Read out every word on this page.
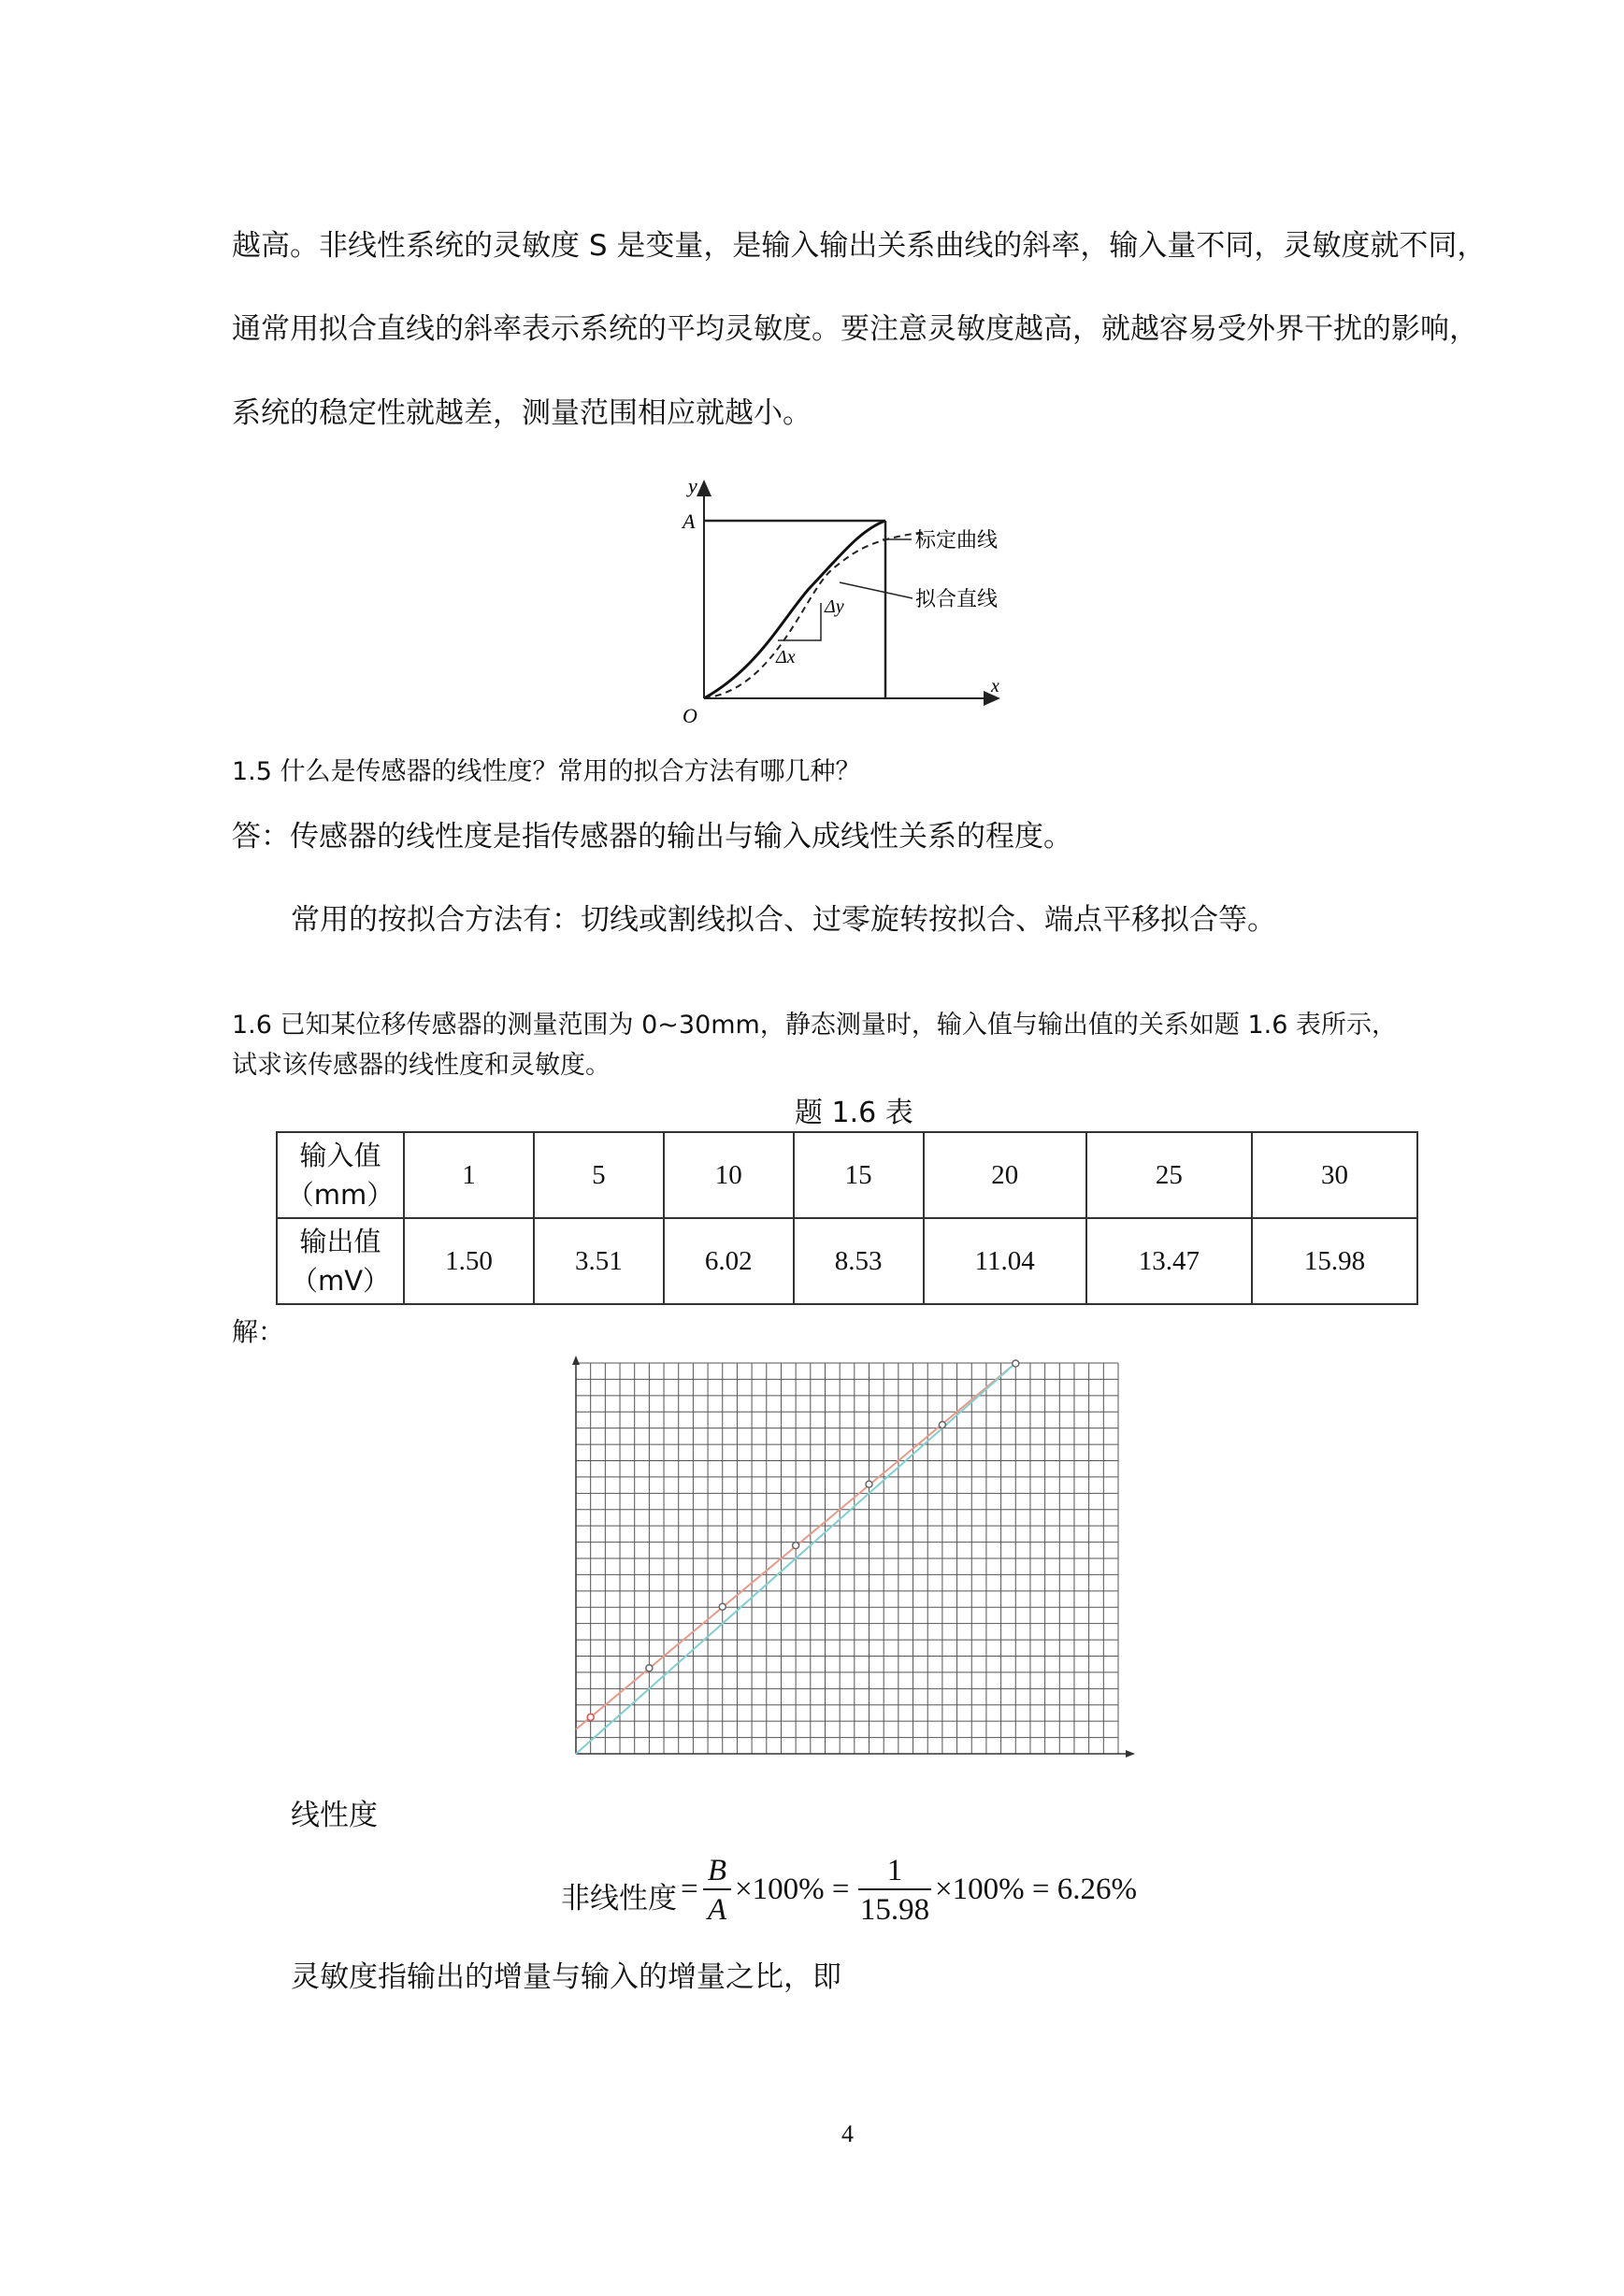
越高。非线性系统的灵敏度 S 是变量，是输入输出关系曲线的斜率，输入量不同，灵敏度就不同，
通常用拟合直线的斜率表示系统的平均灵敏度。要注意灵敏度越高，就越容易受外界干扰的影响，
系统的稳定性就越差，测量范围相应就越小。
y
x
A
O
标定曲线
拟合直线
Δy
Δx
1.5 什么是传感器的线性度？常用的拟合方法有哪几种？
答：传感器的线性度是指传感器的输出与输入成线性关系的程度。
常用的按拟合方法有：切线或割线拟合、过零旋转按拟合、端点平移拟合等。
1.6 已知某位移传感器的测量范围为 0~30mm，静态测量时，输入值与输出值的关系如题 1.6 表所示，
试求该传感器的线性度和灵敏度。
题 1.6 表
输入值
（mm）	1	5	10	15	20	25	30
输出值
（mV）	1.50	3.51	6.02	8.53	11.04	13.47	15.98
解：
线性度
非线性度 =
B
A
×100% =
1
15.98
×100% = 6.26%
灵敏度指输出的增量与输入的增量之比，即
4
